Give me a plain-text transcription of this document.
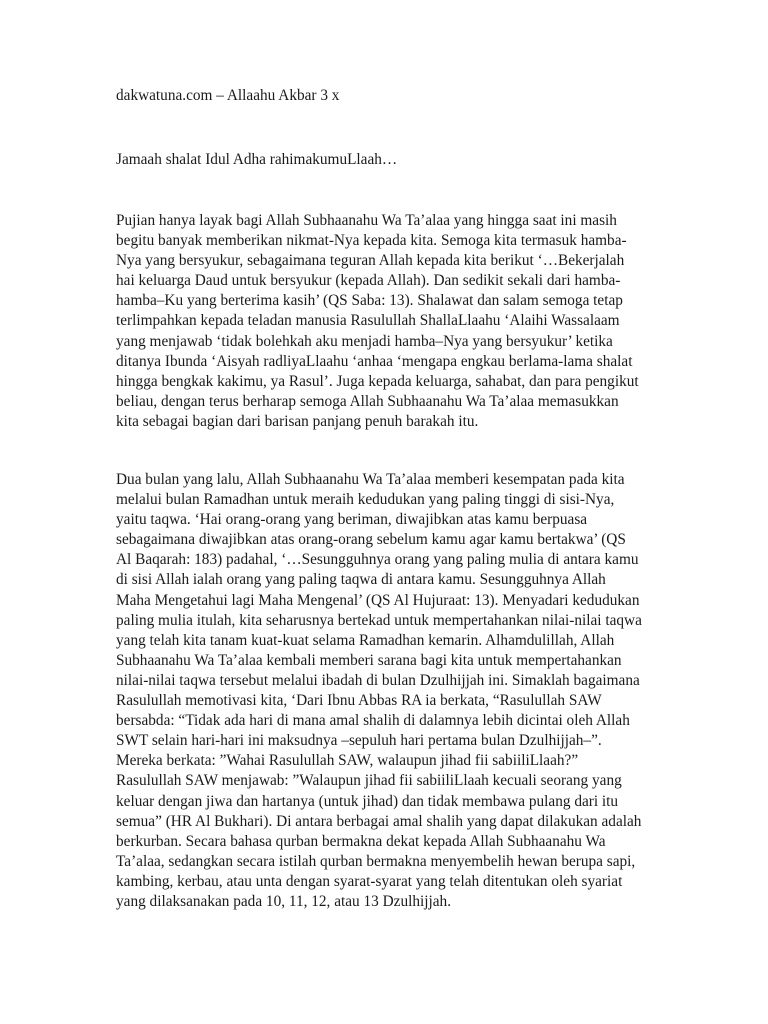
dakwatuna.com – Allaahu Akbar 3 x

Jamaah shalat Idul Adha rahimakumuLlaah…

Pujian hanya layak bagi Allah Subhaanahu Wa Ta’alaa yang hingga saat ini masih
begitu banyak memberikan nikmat-Nya kepada kita. Semoga kita termasuk hamba-
Nya yang bersyukur, sebagaimana teguran Allah kepada kita berikut ‘…Bekerjalah
hai keluarga Daud untuk bersyukur (kepada Allah). Dan sedikit sekali dari hamba-
hamba–Ku yang berterima kasih’ (QS Saba: 13). Shalawat dan salam semoga tetap
terlimpahkan kepada teladan manusia Rasulullah ShallaLlaahu ‘Alaihi Wassalaam
yang menjawab ‘tidak bolehkah aku menjadi hamba–Nya yang bersyukur’ ketika
ditanya Ibunda ‘Aisyah radliyaLlaahu ‘anhaa ‘mengapa engkau berlama-lama shalat
hingga bengkak kakimu, ya Rasul’. Juga kepada keluarga, sahabat, dan para pengikut
beliau, dengan terus berharap semoga Allah Subhaanahu Wa Ta’alaa memasukkan
kita sebagai bagian dari barisan panjang penuh barakah itu.

Dua bulan yang lalu, Allah Subhaanahu Wa Ta’alaa memberi kesempatan pada kita
melalui bulan Ramadhan untuk meraih kedudukan yang paling tinggi di sisi-Nya,
yaitu taqwa. ‘Hai orang-orang yang beriman, diwajibkan atas kamu berpuasa
sebagaimana diwajibkan atas orang-orang sebelum kamu agar kamu bertakwa’ (QS
Al Baqarah: 183) padahal, ‘…Sesungguhnya orang yang paling mulia di antara kamu
di sisi Allah ialah orang yang paling taqwa di antara kamu. Sesungguhnya Allah
Maha Mengetahui lagi Maha Mengenal’ (QS Al Hujuraat: 13). Menyadari kedudukan
paling mulia itulah, kita seharusnya bertekad untuk mempertahankan nilai-nilai taqwa
yang telah kita tanam kuat-kuat selama Ramadhan kemarin. Alhamdulillah, Allah
Subhaanahu Wa Ta’alaa kembali memberi sarana bagi kita untuk mempertahankan
nilai-nilai taqwa tersebut melalui ibadah di bulan Dzulhijjah ini. Simaklah bagaimana
Rasulullah memotivasi kita, ‘Dari Ibnu Abbas RA ia berkata, “Rasulullah SAW
bersabda: “Tidak ada hari di mana amal shalih di dalamnya lebih dicintai oleh Allah
SWT selain hari-hari ini maksudnya –sepuluh hari pertama bulan Dzulhijjah–”.
Mereka berkata: ”Wahai Rasulullah SAW, walaupun jihad fii sabiiliLlaah?”
Rasulullah SAW menjawab: ”Walaupun jihad fii sabiiliLlaah kecuali seorang yang
keluar dengan jiwa dan hartanya (untuk jihad) dan tidak membawa pulang dari itu
semua” (HR Al Bukhari). Di antara berbagai amal shalih yang dapat dilakukan adalah
berkurban. Secara bahasa qurban bermakna dekat kepada Allah Subhaanahu Wa
Ta’alaa, sedangkan secara istilah qurban bermakna menyembelih hewan berupa sapi,
kambing, kerbau, atau unta dengan syarat-syarat yang telah ditentukan oleh syariat
yang dilaksanakan pada 10, 11, 12, atau 13 Dzulhijjah.
